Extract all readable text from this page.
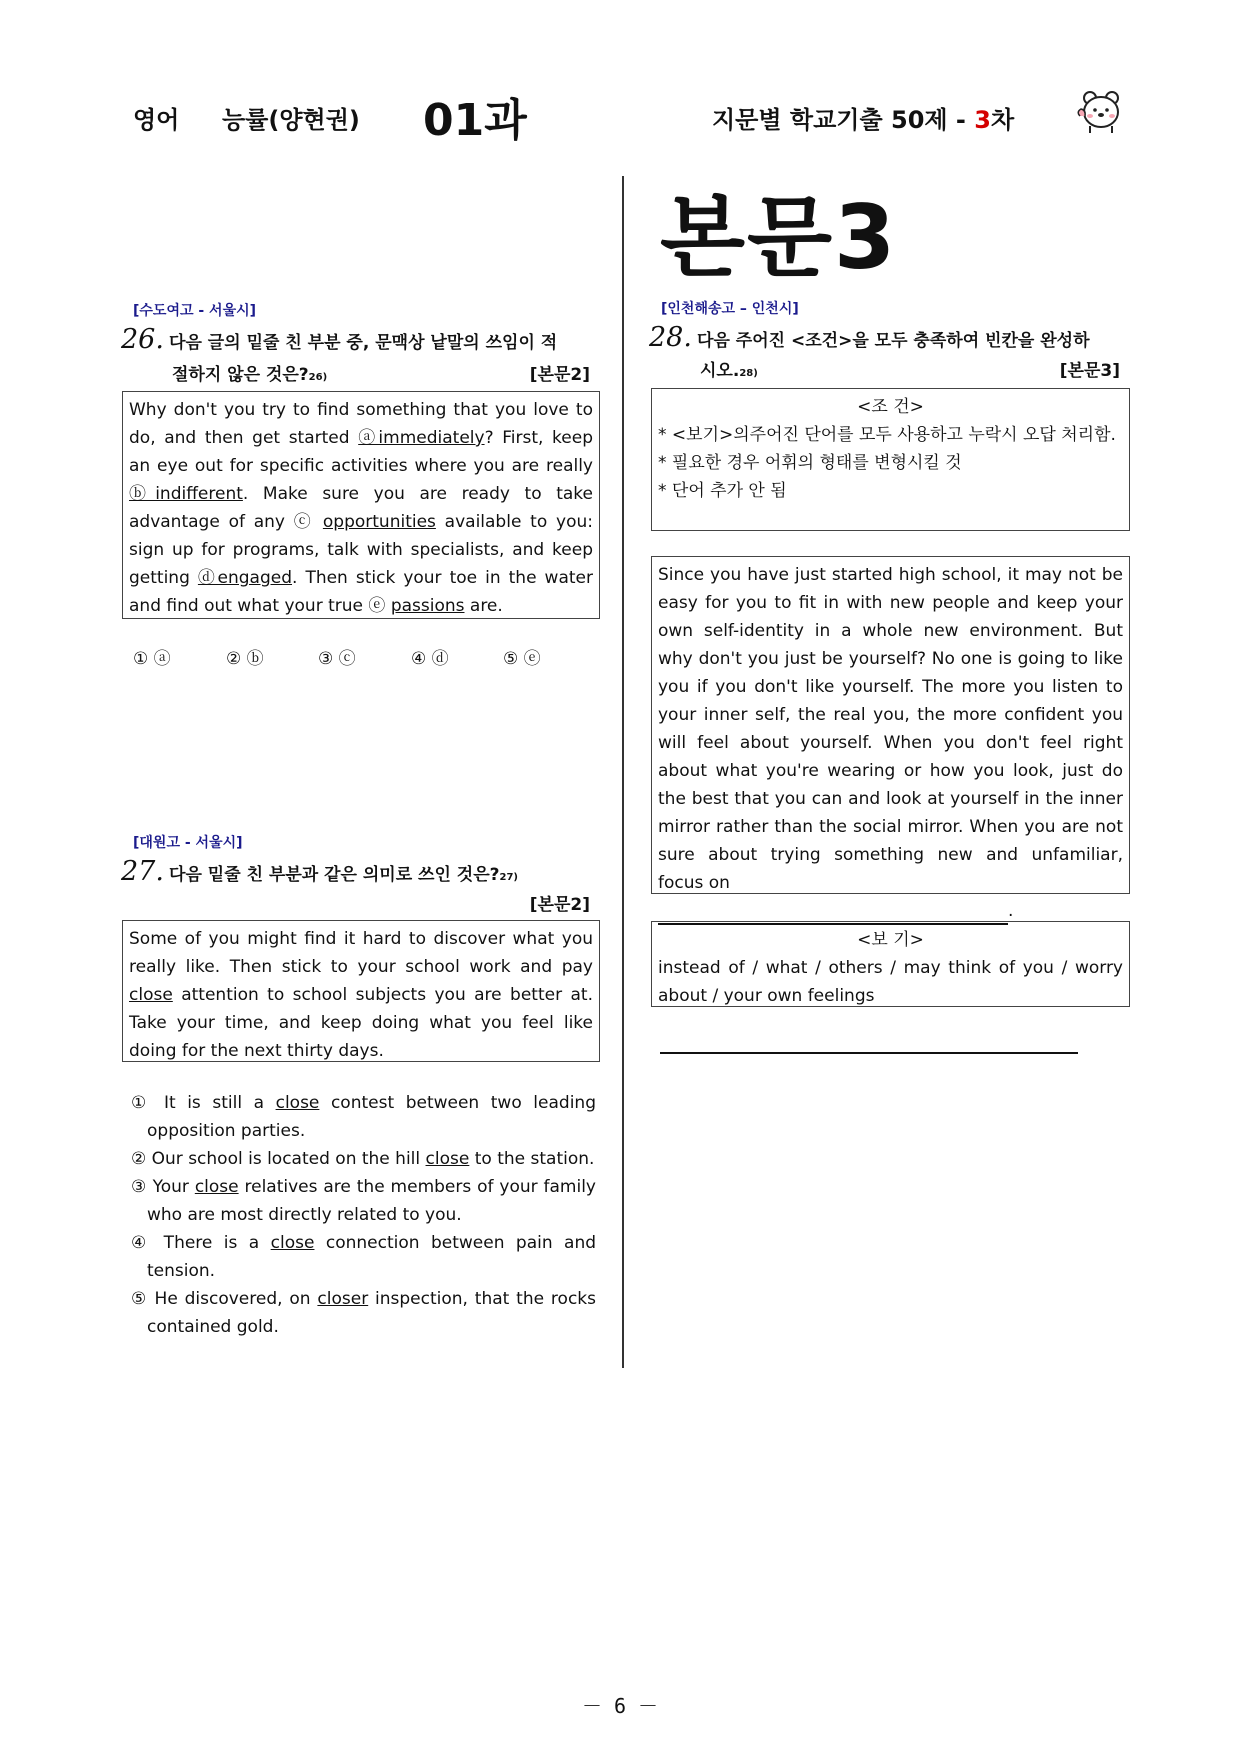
영어 능률(양현권) 01과	지문별 학교기출 50제 - 3차
본문3
[수도여고 - 서울시]
26. 다음 글의 밑줄 친 부분 중, 문맥상 낱말의 쓰임이 적
절하지 않은 것은?26)	[본문2]
Why don't you try to find something that you love to do, and then get started ⓐimmediately? First, keep an eye out for specific activities where you are really ⓑindifferent. Make sure you are ready to take advantage of any ⓒ opportunities available to you: sign up for programs, talk with specialists, and keep getting ⓓengaged. Then stick your toe in the water and find out what your true ⓔ passions are.
① ⓐ	② ⓑ	③ ⓒ	④ ⓓ	⑤ ⓔ
[대원고 - 서울시]
27. 다음 밑줄 친 부분과 같은 의미로 쓰인 것은?27)
[본문2]
Some of you might find it hard to discover what you really like. Then stick to your school work and pay close attention to school subjects you are better at. Take your time, and keep doing what you feel like doing for the next thirty days.
① It is still a close contest between two leading opposition parties.
② Our school is located on the hill close to the station.
③ Your close relatives are the members of your family who are most directly related to you.
④ There is a close connection between pain and tension.
⑤ He discovered, on closer inspection, that the rocks contained gold.
[인천해송고 – 인천시]
28. 다음 주어진 <조건>을 모두 충족하여 빈칸을 완성하
시오.28)	[본문3]
<조 건>
* <보기>의주어진 단어를 모두 사용하고 누락시 오답 처리함.
* 필요한 경우 어휘의 형태를 변형시킬 것
* 단어 추가 안 됨
Since you have just started high school, it may not be easy for you to fit in with new people and keep your own self-identity in a whole new environment. But why don't you just be yourself? No one is going to like you if you don't like yourself. The more you listen to your inner self, the real you, the more confident you will feel about yourself. When you don't feel right about what you're wearing or how you look, just do the best that you can and look at yourself in the inner mirror rather than the social mirror. When you are not sure about trying something new and unfamiliar, focus on
.
<보 기>
instead of / what / others / may think of you / worry about / your own feelings
－ 6 －
